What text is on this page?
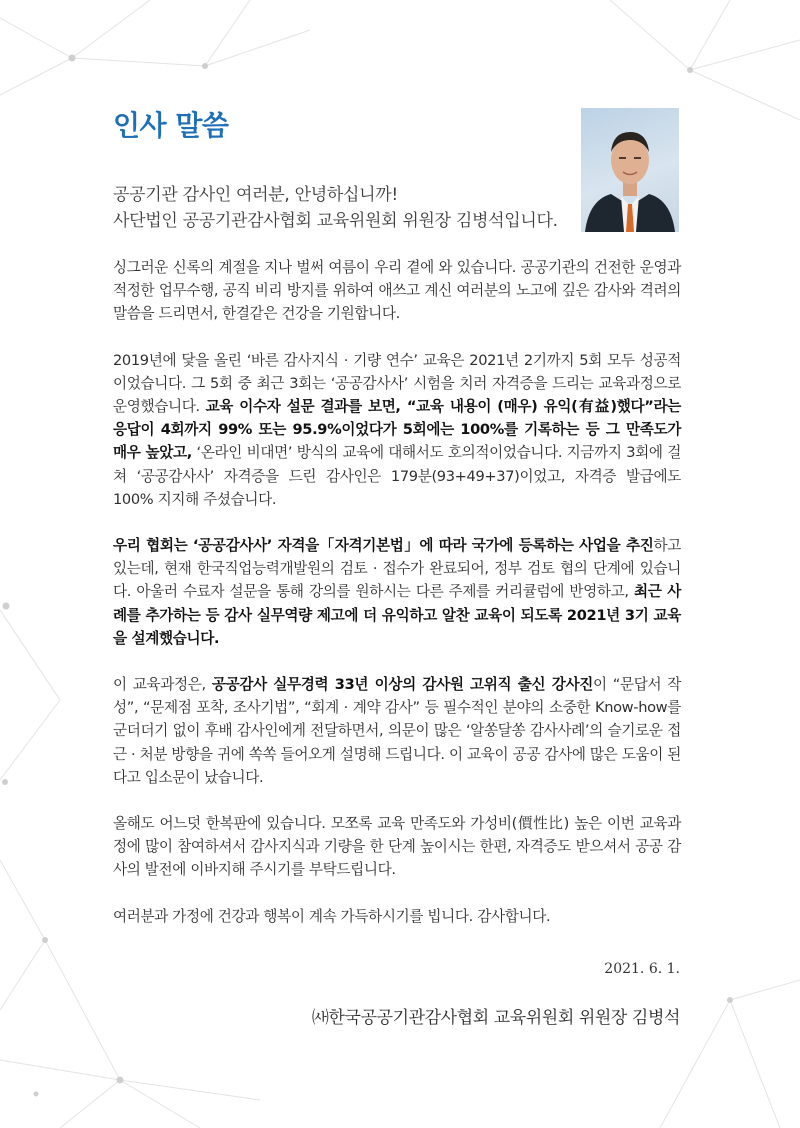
인사 말씀

공공기관 감사인 여러분, 안녕하십니까!

사단법인 공공기관감사협회 교육위원회 위원장 김병석입니다.

싱그러운 신록의 계절을 지나 벌써 여름이 우리 곁에 와 있습니다. 공공기관의 건전한 운영과 적정한 업무수행, 공직 비리 방지를 위하여 애쓰고 계신 여러분의 노고에 깊은 감사와 격려의 말씀을 드리면서, 한결같은 건강을 기원합니다.

2019년에 닻을 올린 ‘바른 감사지식 · 기량 연수’ 교육은 2021년 2기까지 5회 모두 성공적이었습니다. 그 5회 중 최근 3회는 ‘공공감사사’ 시험을 치러 자격증을 드리는 교육과정으로 운영했습니다. 교육 이수자 설문 결과를 보면, “교육 내용이 (매우) 유익(有益)했다”라는 응답이 4회까지 99% 또는 95.9%이었다가 5회에는 100%를 기록하는 등 그 만족도가 매우 높았고, ‘온라인 비대면’ 방식의 교육에 대해서도 호의적이었습니다. 지금까지 3회에 걸쳐 ‘공공감사사’ 자격증을 드린 감사인은 179분(93+49+37)이었고, 자격증 발급에도 100% 지지해 주셨습니다.

우리 협회는 ‘공공감사사’ 자격을「자격기본법」에 따라 국가에 등록하는 사업을 추진하고 있는데, 현재 한국직업능력개발원의 검토 · 접수가 완료되어, 정부 검토 협의 단계에 있습니다. 아울러 수료자 설문을 통해 강의를 원하시는 다른 주제를 커리큘럼에 반영하고, 최근 사례를 추가하는 등 감사 실무역량 제고에 더 유익하고 알찬 교육이 되도록 2021년 3기 교육을 설계했습니다.

이 교육과정은, 공공감사 실무경력 33년 이상의 감사원 고위직 출신 강사진이 “문답서 작성”, “문제점 포착, 조사기법”, “회계 · 계약 감사” 등 필수적인 분야의 소중한 Know-how를 군더더기 없이 후배 감사인에게 전달하면서, 의문이 많은 ‘알쏭달쏭 감사사례’의 슬기로운 접근 · 처분 방향을 귀에 쏙쏙 들어오게 설명해 드립니다. 이 교육이 공공 감사에 많은 도움이 된다고 입소문이 났습니다.

올해도 어느덧 한복판에 있습니다. 모쪼록 교육 만족도와 가성비(價性比) 높은 이번 교육과정에 많이 참여하셔서 감사지식과 기량을 한 단계 높이시는 한편, 자격증도 받으셔서 공공 감사의 발전에 이바지해 주시기를 부탁드립니다.

여러분과 가정에 건강과 행복이 계속 가득하시기를 빕니다. 감사합니다.

2021. 6. 1.
㈔한국공공기관감사협회 교육위원회 위원장 김병석
